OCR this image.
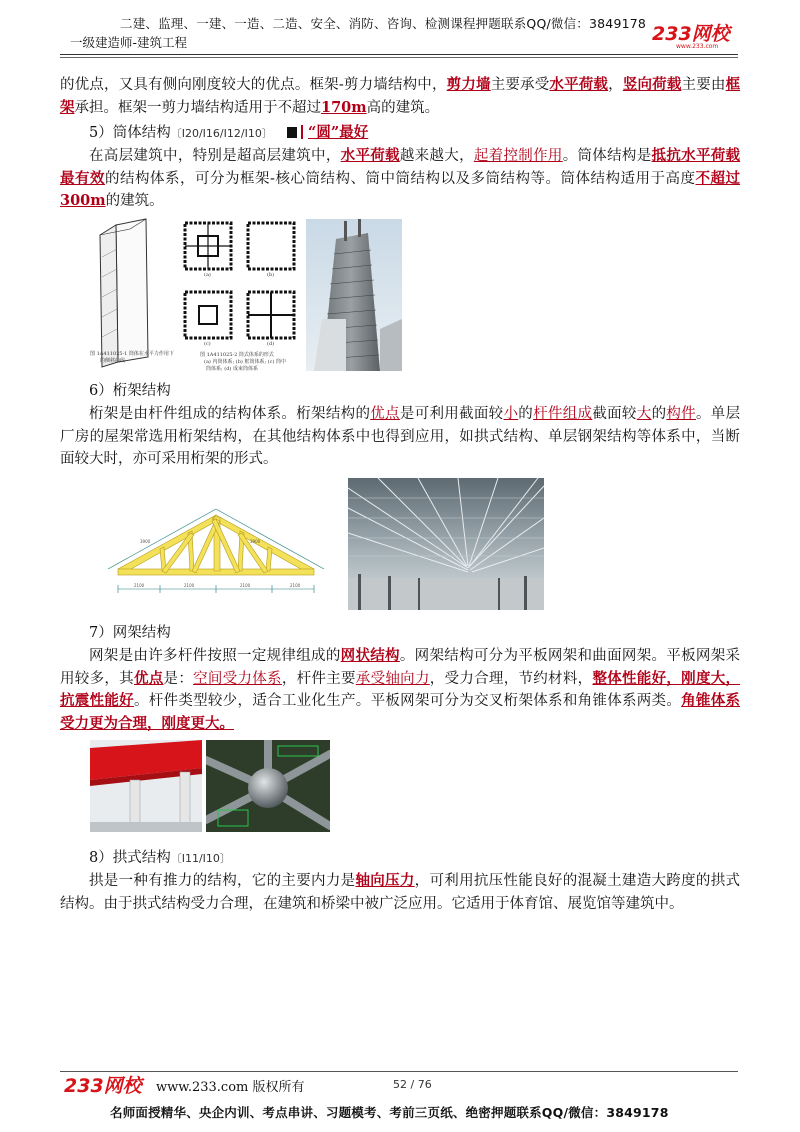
二建、监理、一建、一造、二造、安全、消防、咨询、检测课程押题联系QQ/微信：3849178
一级建造师-建筑工程	233网校
www.233.com
的优点，又具有侧向刚度较大的优点。框架-剪力墙结构中，剪力墙主要承受水平荷载，竖向荷载主要由框架承担。框架一剪力墙结构适用于不超过170m高的建筑。
5）筒体结构〔Ⅰ20/Ⅰ16/Ⅰ12/Ⅰ10〕 “圆”最好
在高层建筑中，特别是超高层建筑中，水平荷载越来越大，起着控制作用。筒体结构是抵抗水平荷载最有效的结构体系，可分为框架-核心筒结构、筒中筒结构以及多筒结构等。筒体结构适用于高度不超过300m的建筑。
图 1A411025-1 筒体在水平力作用下
的侧移曲线
(a)	(b)
(c)	(d)
图 1A411025-2 筒式体系的形式
(a) 内筒体系; (b) 框筒体系; (c) 筒中
筒体系; (d) 成束筒体系
6）桁架结构
桁架是由杆件组成的结构体系。桁架结构的优点是可利用截面较小的杆件组成截面较大的构件。单层厂房的屋架常选用桁架结构，在其他结构体系中也得到应用，如拱式结构、单层钢架结构等体系中，当断面较大时，亦可采用桁架的形式。
3900	3900
2100	2100	2100	2100
7）网架结构
网架是由许多杆件按照一定规律组成的网状结构。网架结构可分为平板网架和曲面网架。平板网架采用较多，其优点是：空间受力体系，杆件主要承受轴向力，受力合理，节约材料，整体性能好，刚度大，抗震性能好。杆件类型较少，适合工业化生产。平板网架可分为交叉桁架体系和角锥体系两类。角锥体系受力更为合理，刚度更大。
8）拱式结构〔Ⅰ11/Ⅰ10〕
拱是一种有推力的结构，它的主要内力是轴向压力，可利用抗压性能良好的混凝土建造大跨度的拱式结构。由于拱式结构受力合理，在建筑和桥梁中被广泛应用。它适用于体育馆、展览馆等建筑中。
233网校 www.233.com 版权所有	52 / 76
名师面授精华、央企内训、考点串讲、习题模考、考前三页纸、绝密押题联系QQ/微信：3849178
